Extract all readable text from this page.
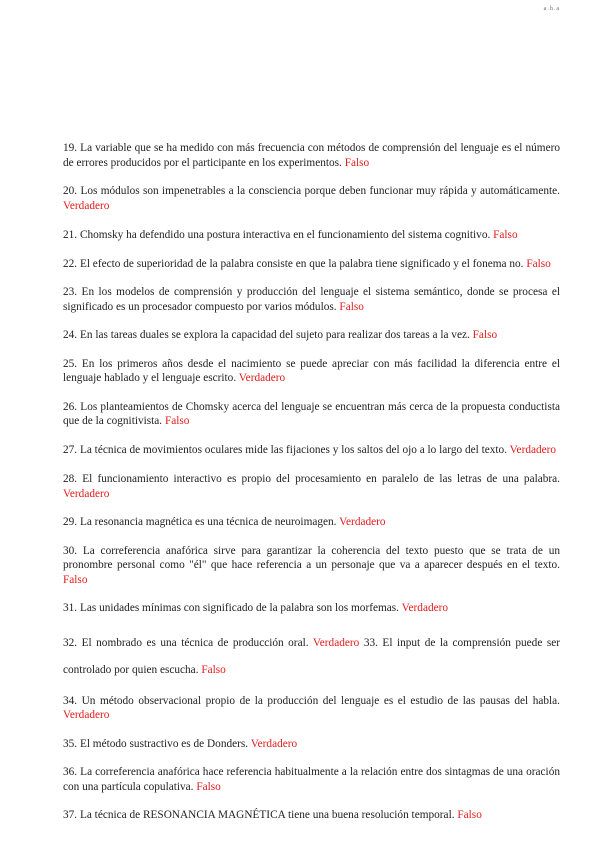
a.h.a

19. La variable que se ha medido con más frecuencia con métodos de comprensión del lenguaje es el número de errores producidos por el participante en los experimentos. Falso

20. Los módulos son impenetrables a la consciencia porque deben funcionar muy rápida y automáticamente. Verdadero

21. Chomsky ha defendido una postura interactiva en el funcionamiento del sistema cognitivo. Falso

22. El efecto de superioridad de la palabra consiste en que la palabra tiene significado y el fonema no. Falso

23. En los modelos de comprensión y producción del lenguaje el sistema semántico, donde se procesa el significado es un procesador compuesto por varios módulos. Falso

24. En las tareas duales se explora la capacidad del sujeto para realizar dos tareas a la vez. Falso

25. En los primeros años desde el nacimiento se puede apreciar con más facilidad la diferencia entre el lenguaje hablado y el lenguaje escrito. Verdadero

26. Los planteamientos de Chomsky acerca del lenguaje se encuentran más cerca de la propuesta conductista que de la cognitivista. Falso

27. La técnica de movimientos oculares mide las fijaciones y los saltos del ojo a lo largo del texto. Verdadero

28. El funcionamiento interactivo es propio del procesamiento en paralelo de las letras de una palabra. Verdadero

29. La resonancia magnética es una técnica de neuroimagen. Verdadero

30. La correferencia anafórica sirve para garantizar la coherencia del texto puesto que se trata de un pronombre personal como "él" que hace referencia a un personaje que va a aparecer después en el texto. Falso

31. Las unidades mínimas con significado de la palabra son los morfemas. Verdadero

32. El nombrado es una técnica de producción oral. Verdadero 33. El input de la comprensión puede ser controlado por quien escucha. Falso

34. Un método observacional propio de la producción del lenguaje es el estudio de las pausas del habla. Verdadero

35. El método sustractivo es de Donders. Verdadero

36. La correferencia anafórica hace referencia habitualmente a la relación entre dos sintagmas de una oración con una partícula copulativa. Falso

37. La técnica de RESONANCIA MAGNÉTICA tiene una buena resolución temporal. Falso
